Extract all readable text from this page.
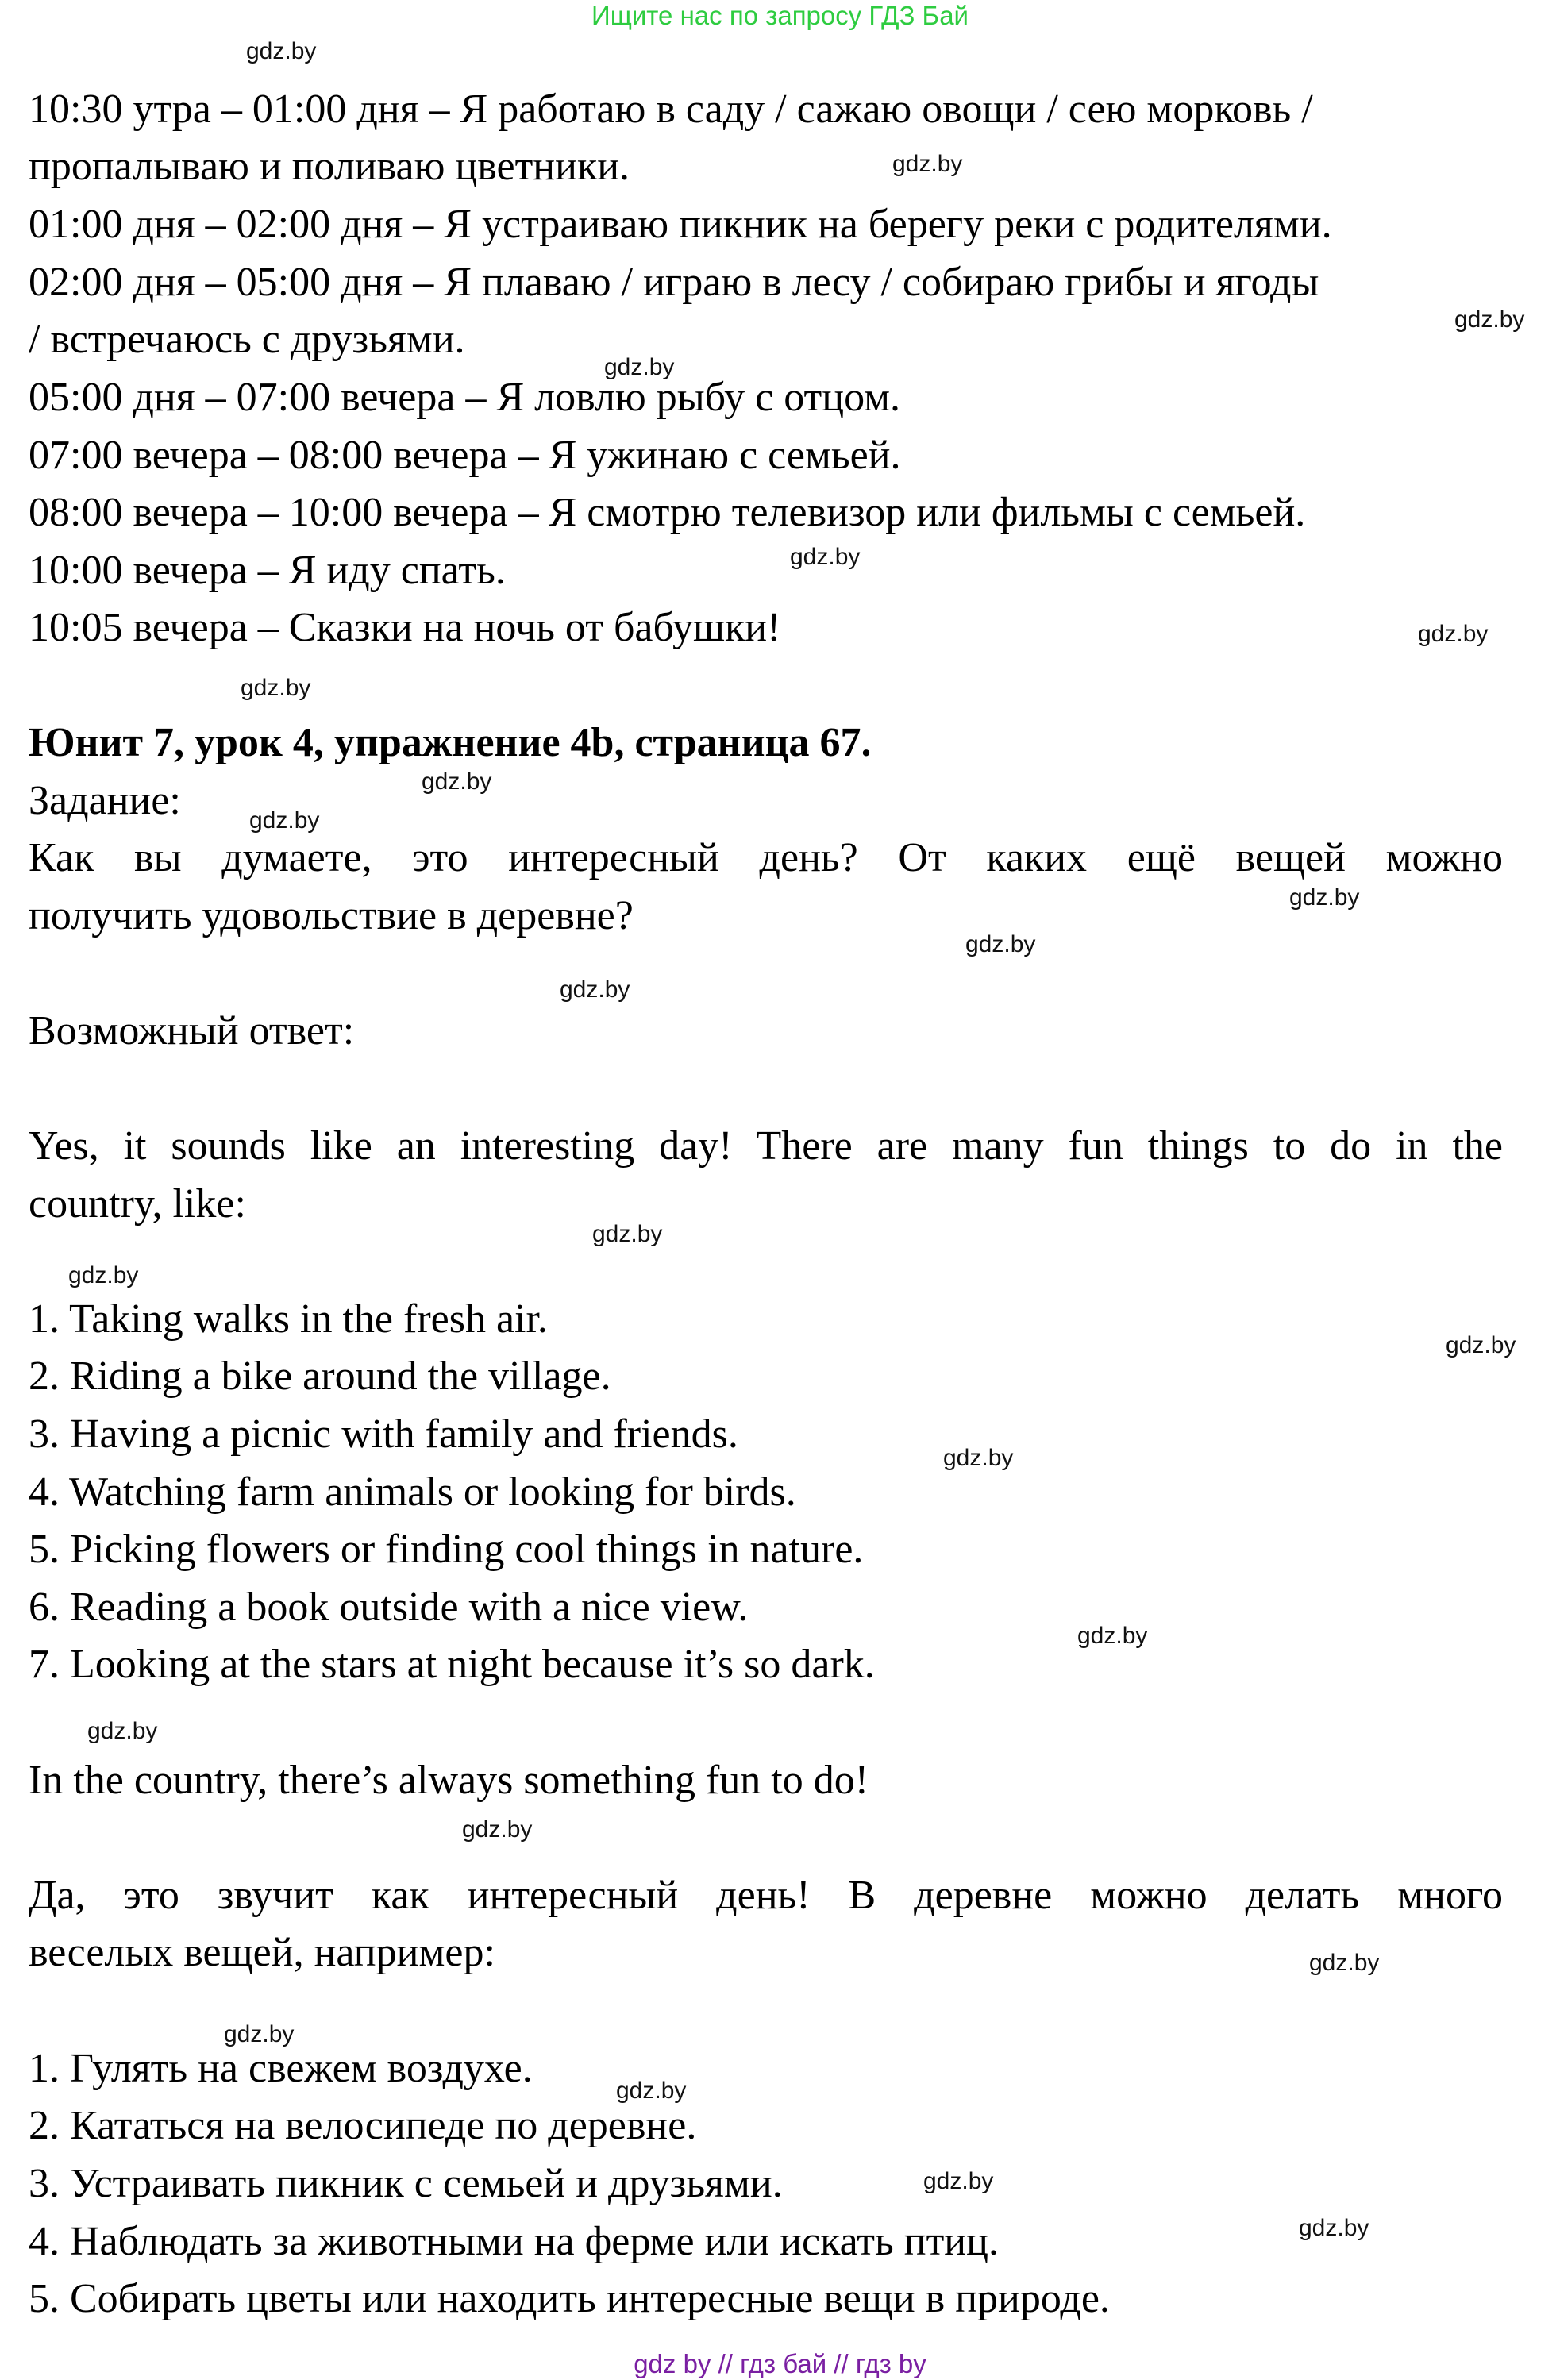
Ищите нас по запросу ГДЗ Бай

10:30 утра – 01:00 дня – Я работаю в саду / сажаю овощи / сею морковь /

пропалываю и поливаю цветники.

01:00 дня – 02:00 дня – Я устраиваю пикник на берегу реки с родителями.

02:00 дня – 05:00 дня – Я плаваю / играю в лесу / собираю грибы и ягоды

/ встречаюсь с друзьями.

05:00 дня – 07:00 вечера – Я ловлю рыбу с отцом.

07:00 вечера – 08:00 вечера – Я ужинаю с семьей.

08:00 вечера – 10:00 вечера – Я смотрю телевизор или фильмы с семьей.

10:00 вечера – Я иду спать.

10:05 вечера – Сказки на ночь от бабушки!

Юнит 7, урок 4, упражнение 4b, страница 67.

Задание:

Как вы думаете, это интересный день? От каких ещё вещей можно

получить удовольствие в деревне?

Возможный ответ:

Yes, it sounds like an interesting day! There are many fun things to do in the

country, like:

1. Taking walks in the fresh air.

2. Riding a bike around the village.

3. Having a picnic with family and friends.

4. Watching farm animals or looking for birds.

5. Picking flowers or finding cool things in nature.

6. Reading a book outside with a nice view.

7. Looking at the stars at night because it’s so dark.

In the country, there’s always something fun to do!

Да, это звучит как интересный день! В деревне можно делать много

веселых вещей, например:

1. Гулять на свежем воздухе.

2. Кататься на велосипеде по деревне.

3. Устраивать пикник с семьей и друзьями.

4. Наблюдать за животными на ферме или искать птиц.

5. Собирать цветы или находить интересные вещи в природе.

gdz.by
gdz.by
gdz.by
gdz.by
gdz.by
gdz.by
gdz.by
gdz.by
gdz.by
gdz.by
gdz.by
gdz.by
gdz.by
gdz.by
gdz.by
gdz.by
gdz.by
gdz.by
gdz.by
gdz.by
gdz.by
gdz.by
gdz.by
gdz.by
gdz by // гдз бай // гдз by
